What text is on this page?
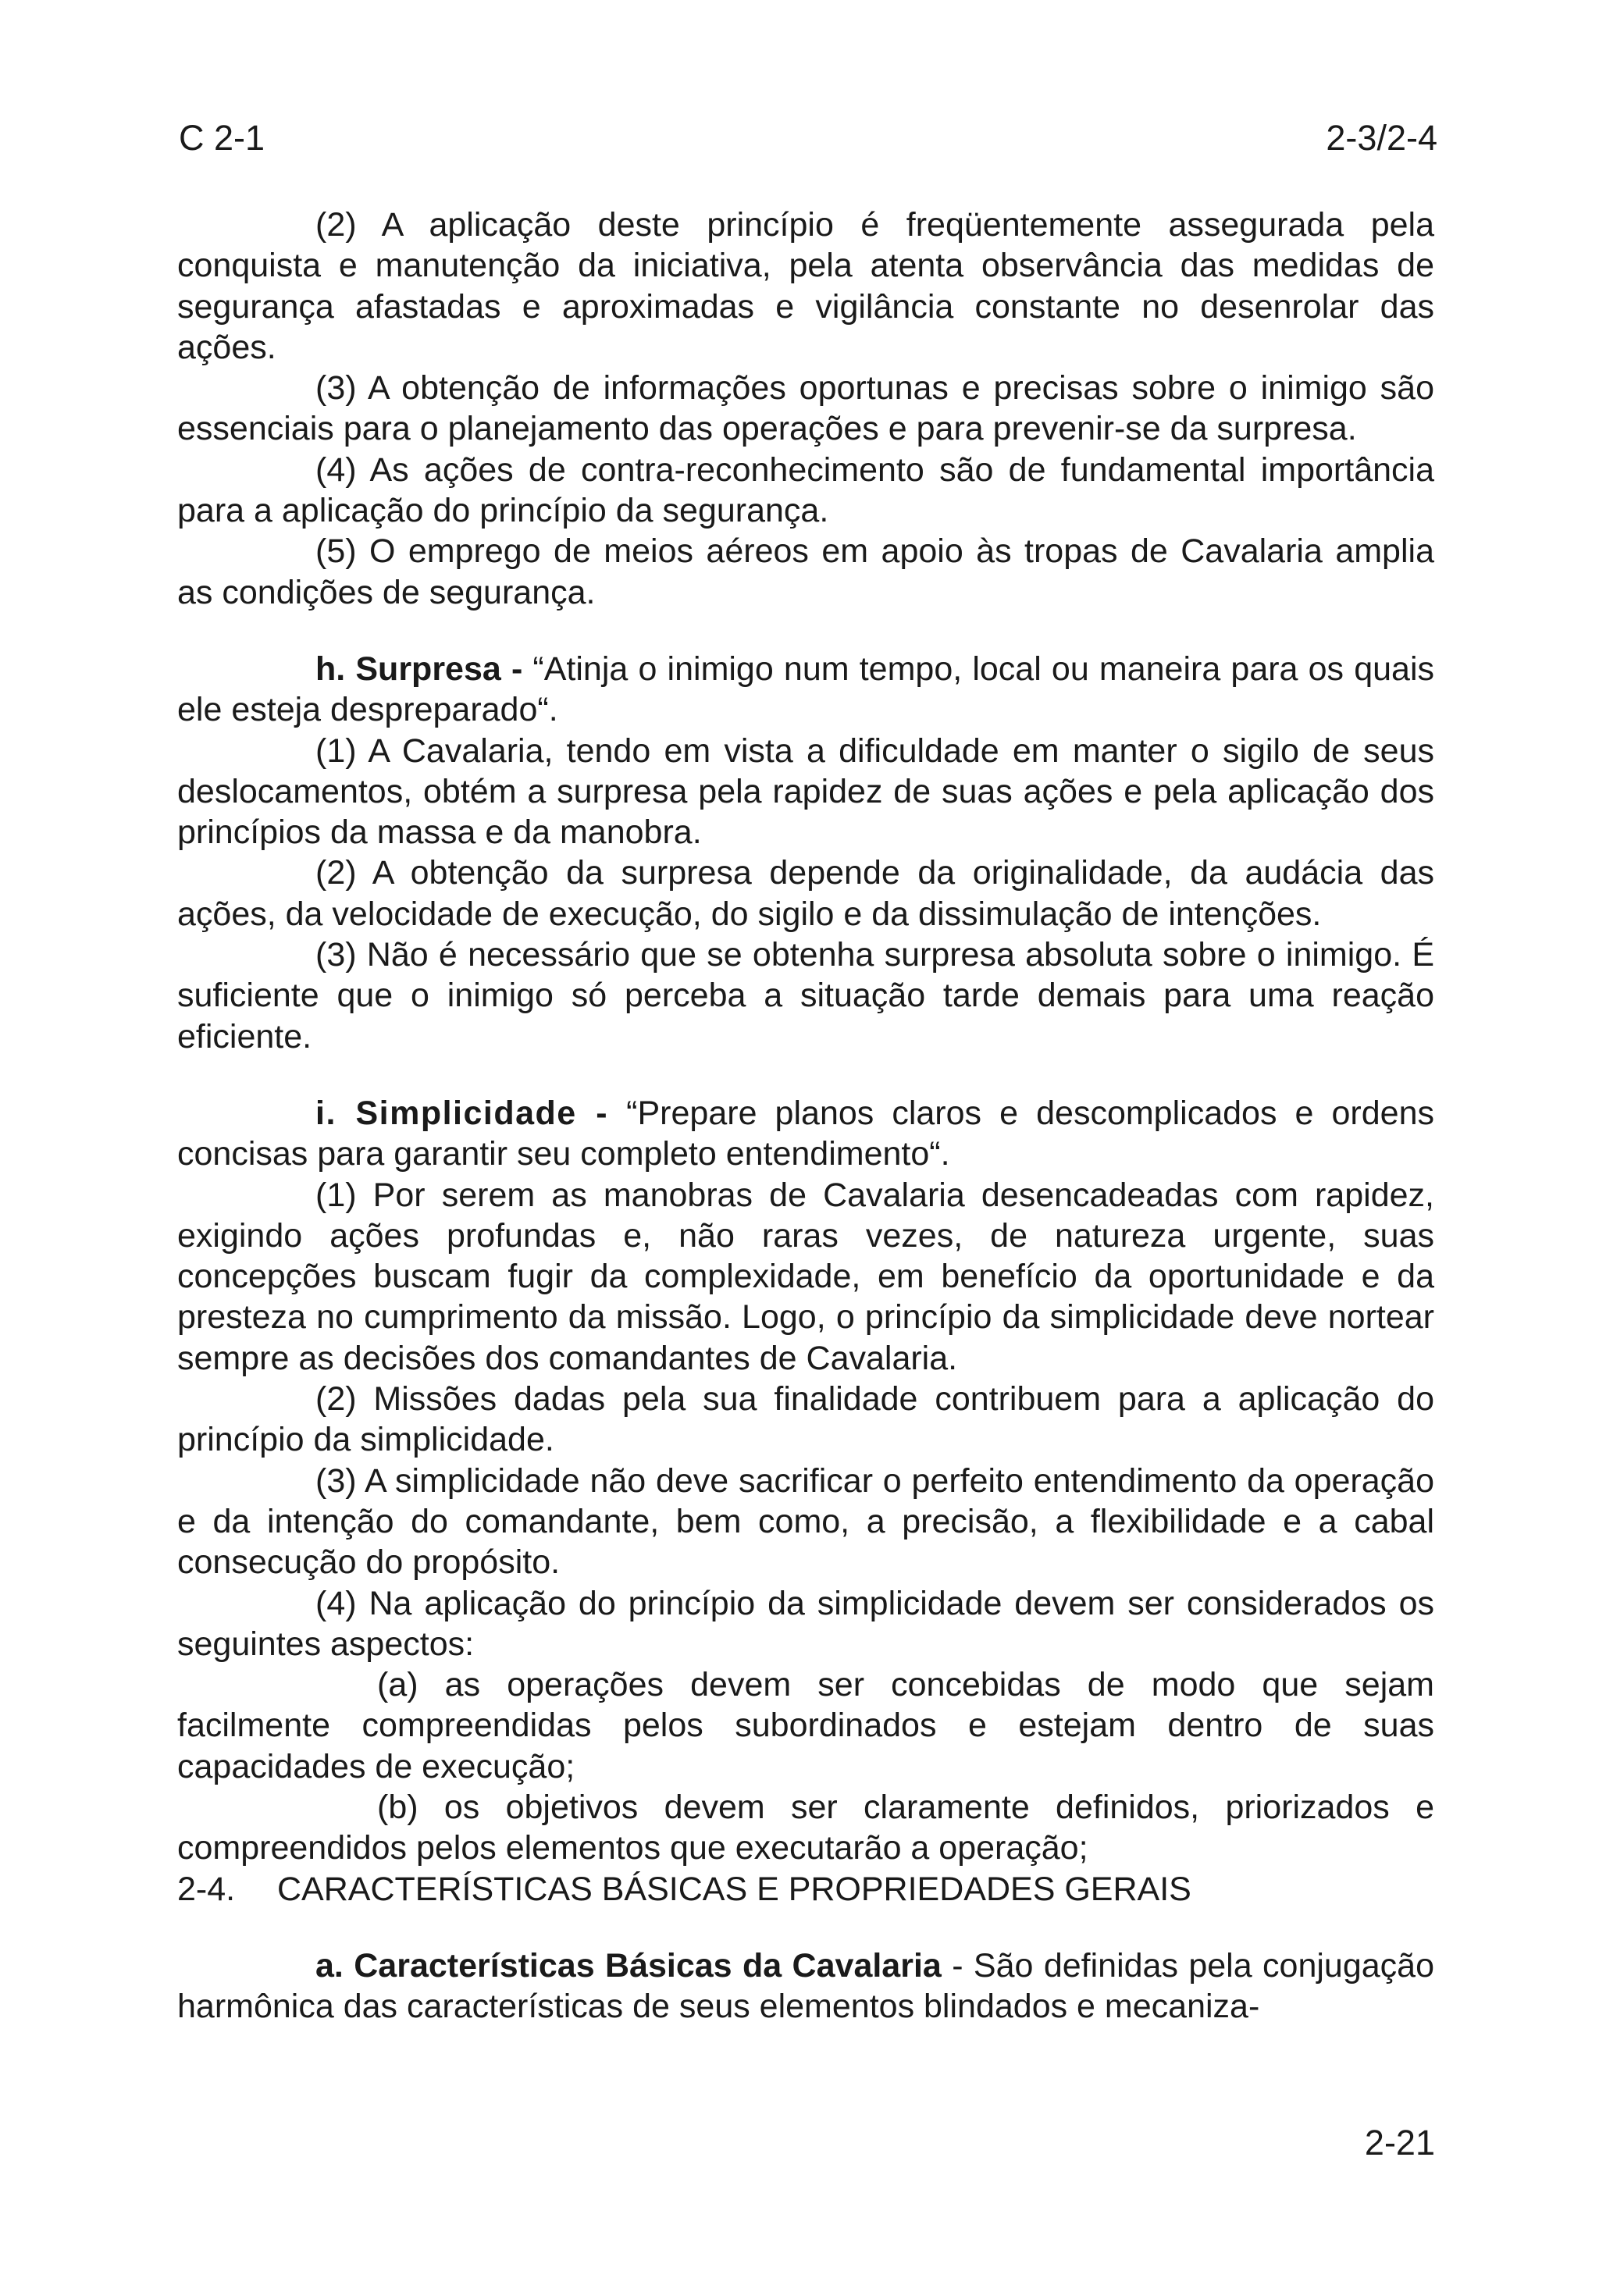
C 2-1	2-3/2-4

(2) A aplicação deste princípio é freqüentemente assegurada pela conquista e manutenção da iniciativa, pela atenta observância das medidas de segurança afastadas e aproximadas e vigilância constante no desenrolar das ações.

(3) A obtenção de informações oportunas e precisas sobre o inimigo são essenciais para o planejamento das operações e para prevenir-se da surpresa.

(4) As ações de contra-reconhecimento são de fundamental importância para a aplicação do princípio da segurança.

(5) O emprego de meios aéreos em apoio às tropas de Cavalaria amplia as condições de segurança.

h. Surpresa - “Atinja o inimigo num tempo, local ou maneira para os quais ele esteja despreparado“.

(1) A Cavalaria, tendo em vista a dificuldade em manter o sigilo de seus deslocamentos, obtém a surpresa pela rapidez de suas ações e pela aplicação dos princípios da massa e da manobra.

(2) A obtenção da surpresa depende da originalidade, da audácia das ações, da velocidade de execução, do sigilo e da dissimulação de intenções.

(3) Não é necessário que se obtenha surpresa absoluta sobre o inimigo. É suficiente que o inimigo só perceba a situação tarde demais para uma reação eficiente.

i. Simplicidade - “Prepare planos claros e descomplicados e ordens concisas para garantir seu completo entendimento“.

(1) Por serem as manobras de Cavalaria desencadeadas com rapidez, exigindo ações profundas e, não raras vezes, de natureza urgente, suas concepções buscam fugir da complexidade, em benefício da oportunidade e da presteza no cumprimento da missão. Logo, o princípio da simplicidade deve nortear sempre as decisões dos comandantes de Cavalaria.

(2) Missões dadas pela sua finalidade contribuem para a aplicação do princípio da simplicidade.

(3) A simplicidade não deve sacrificar o perfeito entendimento da operação e da intenção do comandante, bem como, a precisão, a flexibilidade e a cabal consecução do propósito.

(4) Na aplicação do princípio da simplicidade devem ser considerados os seguintes aspectos:

(a) as operações devem ser concebidas de modo que sejam facilmente compreendidas pelos subordinados e estejam dentro de suas capacidades de execução;

(b) os objetivos devem ser claramente definidos, priorizados e compreendidos pelos elementos que executarão a operação;

2-4. CARACTERÍSTICAS BÁSICAS E PROPRIEDADES GERAIS

a. Características Básicas da Cavalaria - São definidas pela conjugação harmônica das características de seus elementos blindados e mecaniza-

2-21
